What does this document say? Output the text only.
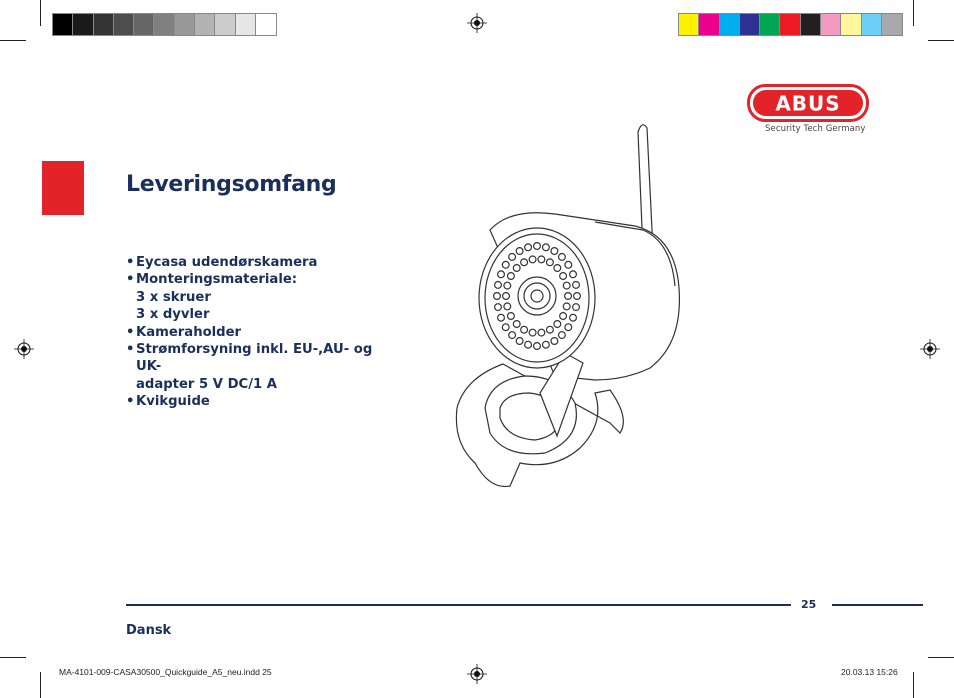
ABUS
Security Tech Germany
Leveringsomfang
• Eycasa udendørskamera
• Monteringsmateriale:
3 x skruer
3 x dyvler
• Kameraholder
• Strømforsyning inkl. EU-,AU- og UK-
adapter 5 V DC/1 A
• Kvikguide
25
Dansk
MA-4101-009-CASA30500_Quickguide_A5_neu.indd 25	20.03.13 15:26
